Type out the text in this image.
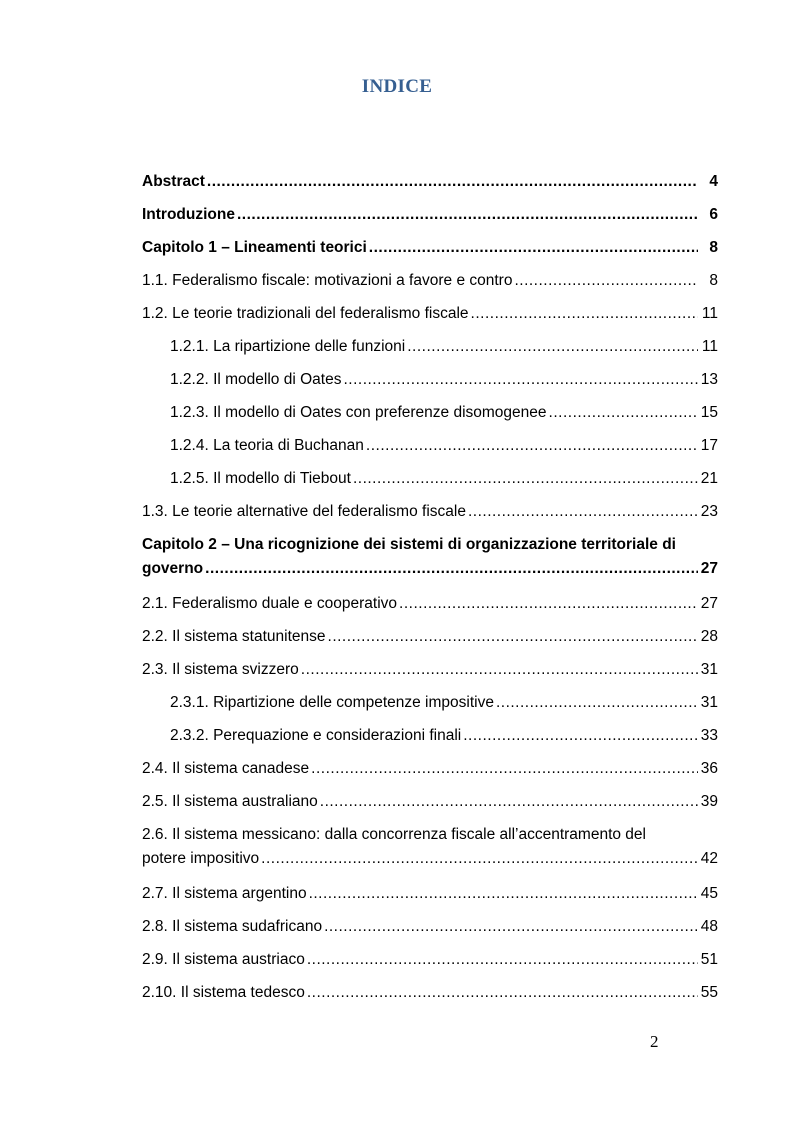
INDICE
Abstract .....	4
Introduzione .....	6
Capitolo 1 – Lineamenti teorici .....	8
1.1. Federalismo fiscale: motivazioni a favore e contro .....	8
1.2. Le teorie tradizionali del federalismo fiscale .....	11
1.2.1. La ripartizione delle funzioni .....	11
1.2.2. Il modello di Oates .....	13
1.2.3. Il modello di Oates con preferenze disomogenee .....	15
1.2.4. La teoria di Buchanan .....	17
1.2.5. Il modello di Tiebout .....	21
1.3. Le teorie alternative del federalismo fiscale .....	23
Capitolo 2 – Una ricognizione dei sistemi di organizzazione territoriale di
governo .....	27
2.1. Federalismo duale e cooperativo .....	27
2.2. Il sistema statunitense .....	28
2.3. Il sistema svizzero .....	31
2.3.1. Ripartizione delle competenze impositive .....	31
2.3.2. Perequazione e considerazioni finali .....	33
2.4. Il sistema canadese .....	36
2.5. Il sistema australiano .....	39
2.6. Il sistema messicano: dalla concorrenza fiscale all’accentramento del
potere impositivo .....	42
2.7. Il sistema argentino .....	45
2.8. Il sistema sudafricano .....	48
2.9. Il sistema austriaco .....	51
2.10. Il sistema tedesco .....	55
2
